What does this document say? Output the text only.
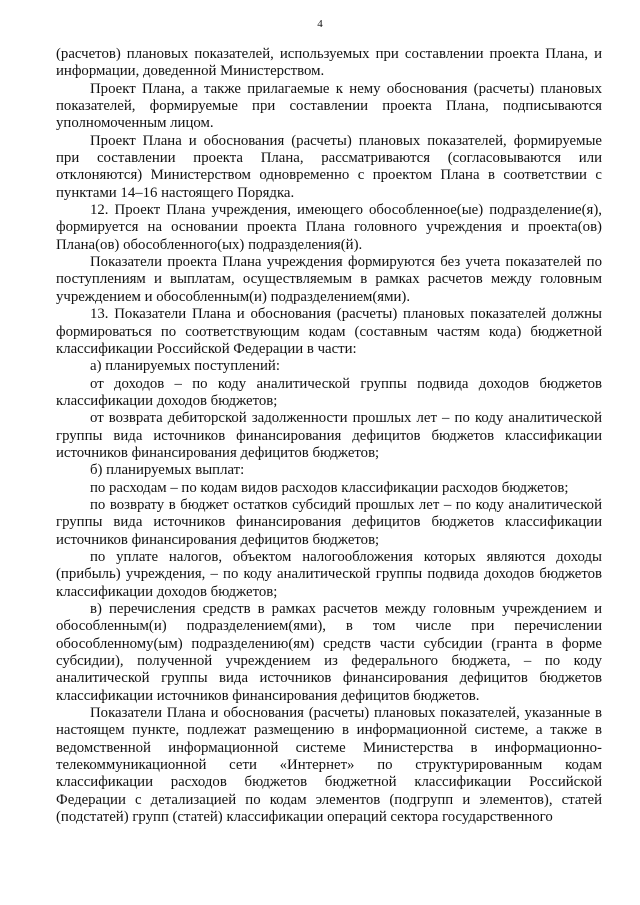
4

(расчетов) плановых показателей, используемых при составлении проекта Плана, и информации, доведенной Министерством.

Проект Плана, а также прилагаемые к нему обоснования (расчеты) плановых показателей, формируемые при составлении проекта Плана, подписываются уполномоченным лицом.

Проект Плана и обоснования (расчеты) плановых показателей, формируемые при составлении проекта Плана, рассматриваются (согласовываются или отклоняются) Министерством одновременно с проектом Плана в соответствии с пунктами 14–16 настоящего Порядка.

12. Проект Плана учреждения, имеющего обособленное(ые) подразделение(я), формируется на основании проекта Плана головного учреждения и проекта(ов) Плана(ов) обособленного(ых) подразделения(й).

Показатели проекта Плана учреждения формируются без учета показателей по поступлениям и выплатам, осуществляемым в рамках расчетов между головным учреждением и обособленным(и) подразделением(ями).

13. Показатели Плана и обоснования (расчеты) плановых показателей должны формироваться по соответствующим кодам (составным частям кода) бюджетной классификации Российской Федерации в части:

а) планируемых поступлений:

от доходов – по коду аналитической группы подвида доходов бюджетов классификации доходов бюджетов;

от возврата дебиторской задолженности прошлых лет – по коду аналитической группы вида источников финансирования дефицитов бюджетов классификации источников финансирования дефицитов бюджетов;

б) планируемых выплат:

по расходам – по кодам видов расходов классификации расходов бюджетов;

по возврату в бюджет остатков субсидий прошлых лет – по коду аналитической группы вида источников финансирования дефицитов бюджетов классификации источников финансирования дефицитов бюджетов;

по уплате налогов, объектом налогообложения которых являются доходы (прибыль) учреждения, – по коду аналитической группы подвида доходов бюджетов классификации доходов бюджетов;

в) перечисления средств в рамках расчетов между головным учреждением и обособленным(и) подразделением(ями), в том числе при перечислении обособленному(ым) подразделению(ям) средств части субсидии (гранта в форме субсидии), полученной учреждением из федерального бюджета, – по коду аналитической группы вида источников финансирования дефицитов бюджетов классификации источников финансирования дефицитов бюджетов.

Показатели Плана и обоснования (расчеты) плановых показателей, указанные в настоящем пункте, подлежат размещению в информационной системе, а также в ведомственной информационной системе Министерства в информационно-телекоммуникационной сети «Интернет» по структурированным кодам классификации расходов бюджетов бюджетной классификации Российской Федерации с детализацией по кодам элементов (подгрупп и элементов), статей (подстатей) групп (статей) классификации операций сектора государственного
